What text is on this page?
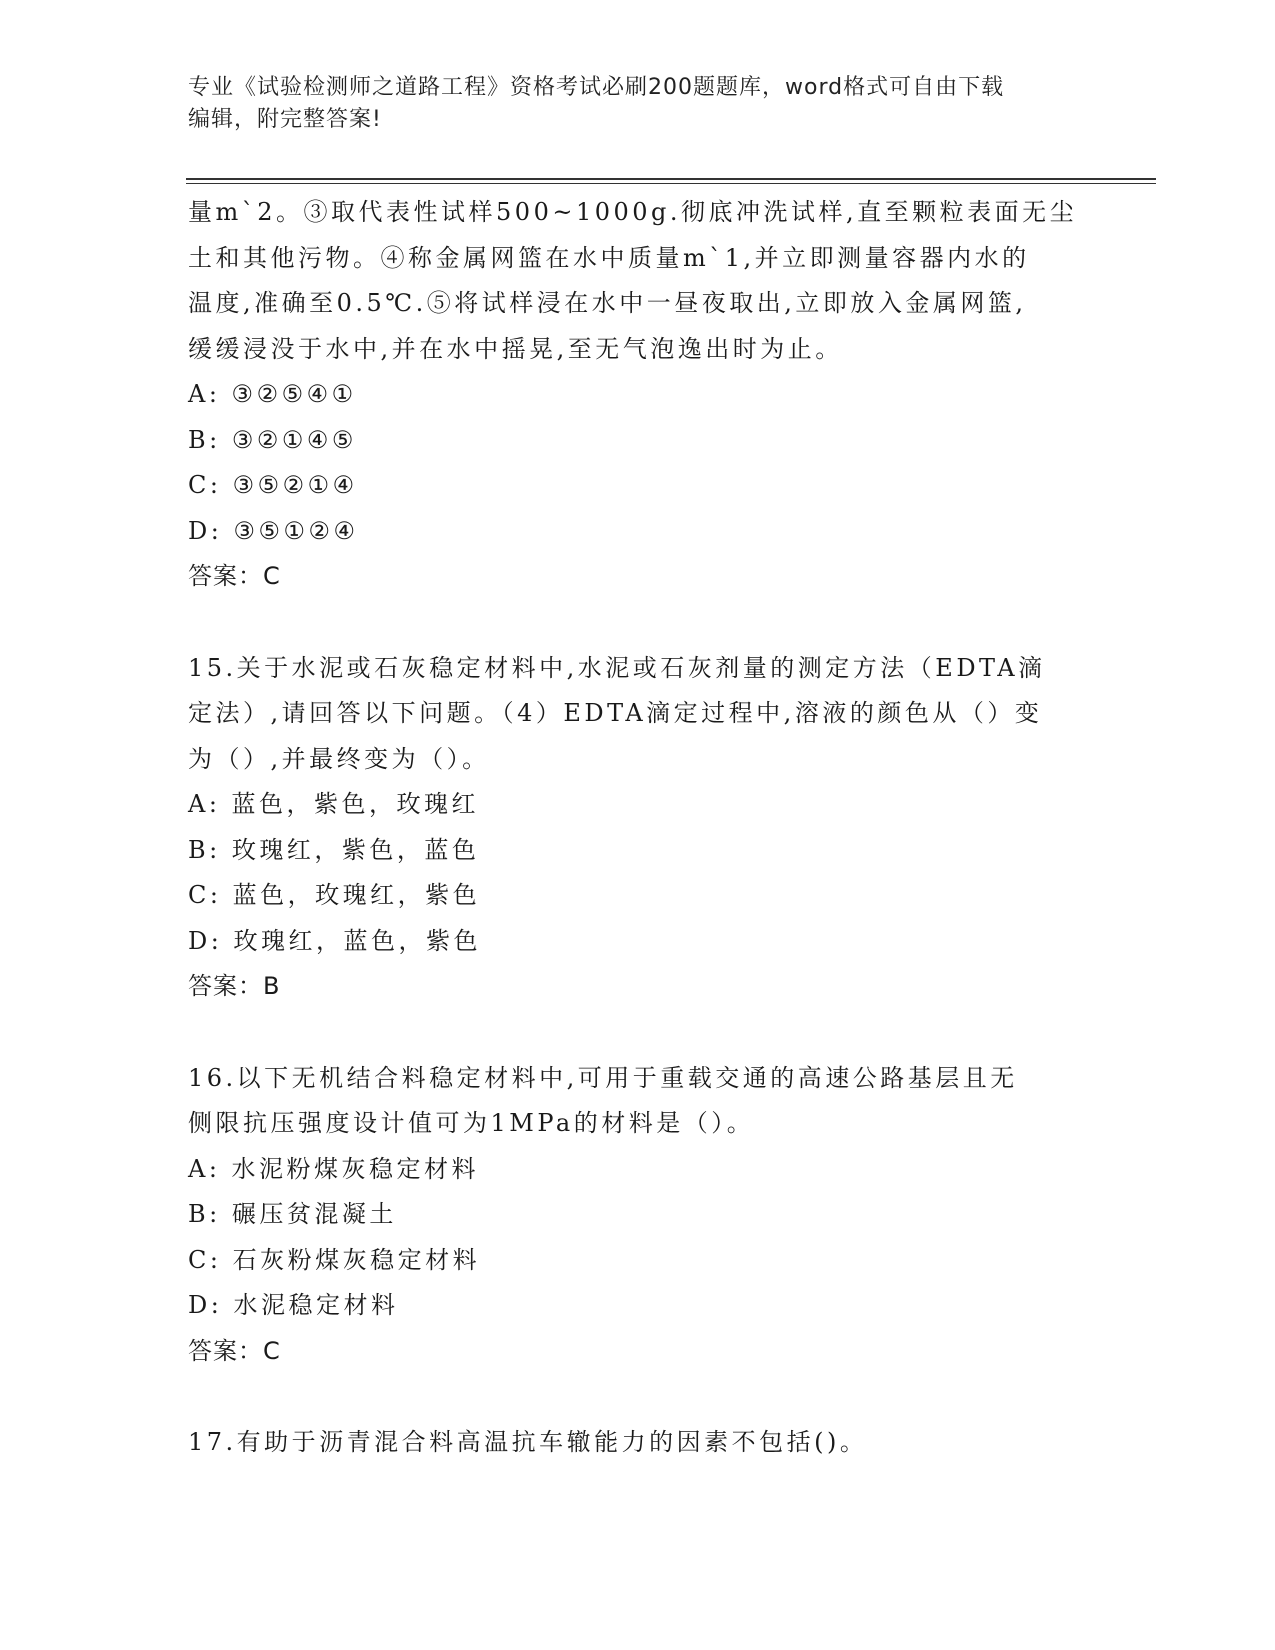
专业《试验检测师之道路工程》资格考试必刷200题题库，word格式可自由下载
编辑，附完整答案!
量m`2。③取代表性试样500~1000g.彻底冲洗试样,直至颗粒表面无尘
土和其他污物。④称金属网篮在水中质量m`1,并立即测量容器内水的
温度,准确至0.5℃.⑤将试样浸在水中一昼夜取出,立即放入金属网篮,
缓缓浸没于水中,并在水中摇晃,至无气泡逸出时为止。
A: ③②⑤④①
B: ③②①④⑤
C: ③⑤②①④
D: ③⑤①②④
答案：C
15.关于水泥或石灰稳定材料中,水泥或石灰剂量的测定方法（EDTA滴
定法）,请回答以下问题。（4）EDTA滴定过程中,溶液的颜色从（）变
为（）,并最终变为（）。
A: 蓝色，紫色，玫瑰红
B: 玫瑰红，紫色，蓝色
C: 蓝色，玫瑰红，紫色
D: 玫瑰红，蓝色，紫色
答案：B
16.以下无机结合料稳定材料中,可用于重载交通的高速公路基层且无
侧限抗压强度设计值可为1MPa的材料是（）。
A: 水泥粉煤灰稳定材料
B: 碾压贫混凝土
C: 石灰粉煤灰稳定材料
D: 水泥稳定材料
答案：C
17.有助于沥青混合料高温抗车辙能力的因素不包括()。
